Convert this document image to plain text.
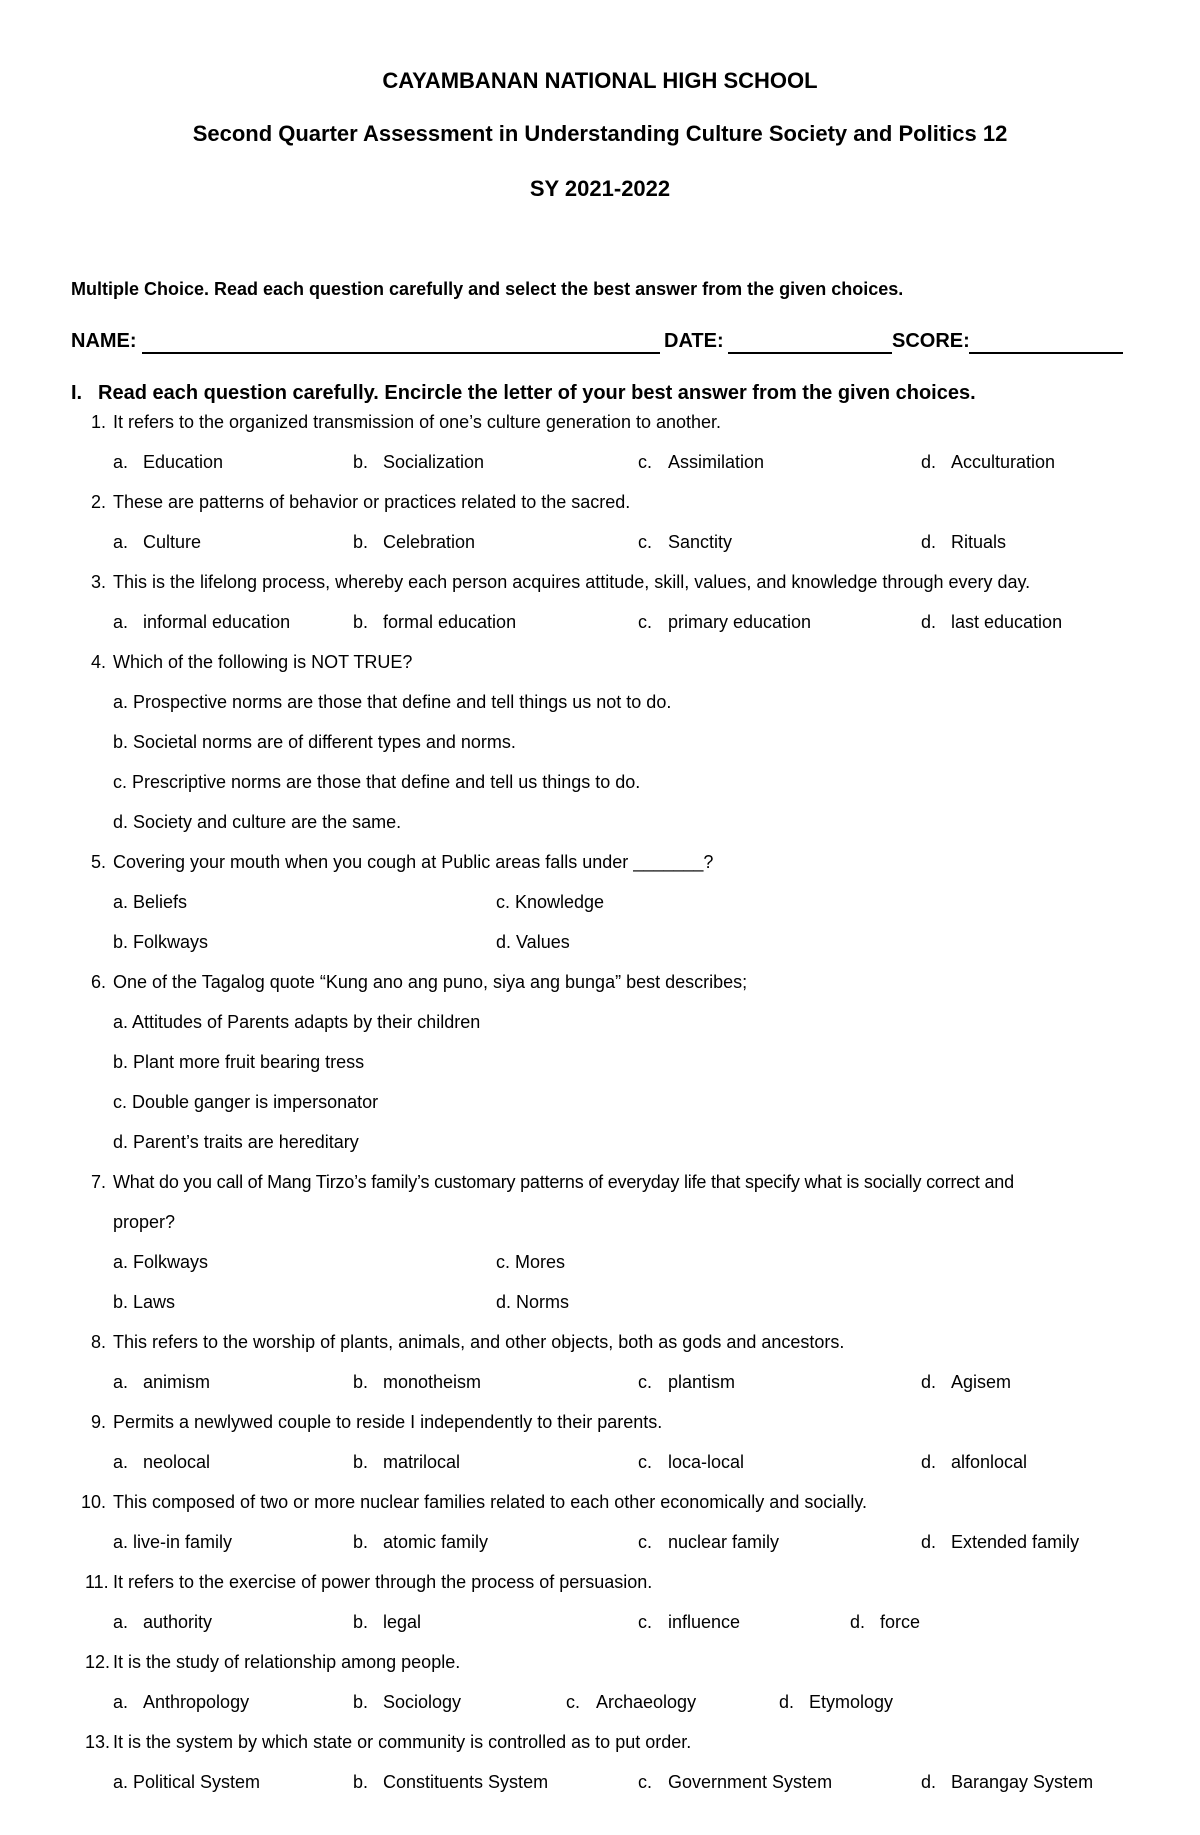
CAYAMBANAN NATIONAL HIGH SCHOOL
Second Quarter Assessment in Understanding Culture Society and Politics 12
SY 2021-2022
Multiple Choice. Read each question carefully and select the best answer from the given choices.
NAME:	DATE:	SCORE:
I. Read each question carefully. Encircle the letter of your best answer from the given choices.
1. It refers to the organized transmission of one’s culture generation to another.
a. Education	b. Socialization	c. Assimilation	d. Acculturation
2. These are patterns of behavior or practices related to the sacred.
a. Culture	b. Celebration	c. Sanctity	d. Rituals
3. This is the lifelong process, whereby each person acquires attitude, skill, values, and knowledge through every day.
a. informal education	b. formal education	c. primary education	d. last education
4. Which of the following is NOT TRUE?
a. Prospective norms are those that define and tell things us not to do.
b. Societal norms are of different types and norms.
c. Prescriptive norms are those that define and tell us things to do.
d. Society and culture are the same.
5. Covering your mouth when you cough at Public areas falls under _______?
a. Beliefs	c. Knowledge
b. Folkways	d. Values
6. One of the Tagalog quote “Kung ano ang puno, siya ang bunga” best describes;
a. Attitudes of Parents adapts by their children
b. Plant more fruit bearing tress
c. Double ganger is impersonator
d. Parent’s traits are hereditary
7. What do you call of Mang Tirzo’s family’s customary patterns of everyday life that specify what is socially correct and
proper?
a. Folkways	c. Mores
b. Laws	d. Norms
8. This refers to the worship of plants, animals, and other objects, both as gods and ancestors.
a. animism	b. monotheism	c. plantism	d. Agisem
9. Permits a newlywed couple to reside I independently to their parents.
a. neolocal	b. matrilocal	c. loca-local	d. alfonlocal
10. This composed of two or more nuclear families related to each other economically and socially.
a. live-in family	b. atomic family	c. nuclear family	d. Extended family
11. It refers to the exercise of power through the process of persuasion.
a. authority	b. legal	c. influence	d. force
12. It is the study of relationship among people.
a. Anthropology	b. Sociology	c. Archaeology	d. Etymology
13. It is the system by which state or community is controlled as to put order.
a. Political System	b. Constituents System	c. Government System	d. Barangay System
